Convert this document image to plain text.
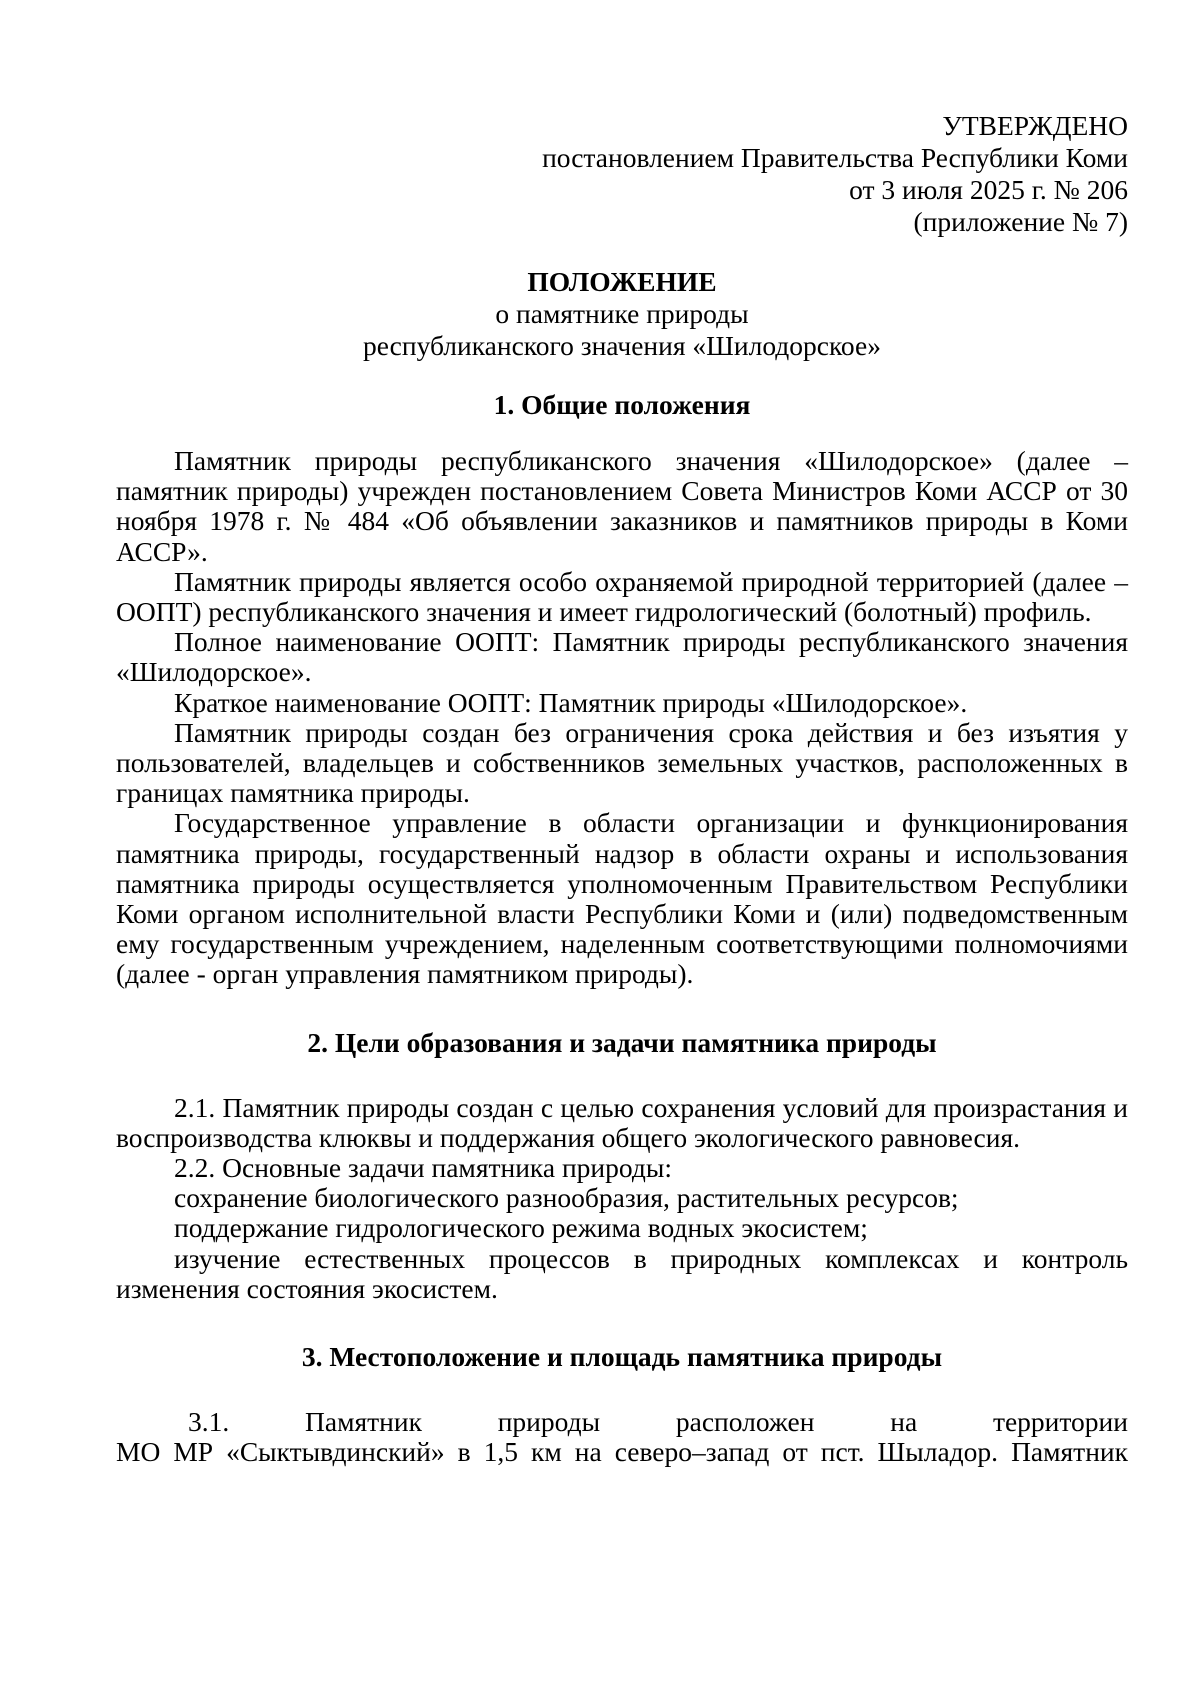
УТВЕРЖДЕНО
постановлением Правительства Республики Коми
от 3 июля 2025 г. № 206
(приложение № 7)
ПОЛОЖЕНИЕ
о памятнике природы
республиканского значения «Шилодорское»
1. Общие положения

Памятник природы республиканского значения «Шилодорское» (далее – памятник природы) учрежден постановлением Совета Министров Коми АССР от 30 ноября 1978 г. № 484 «Об объявлении заказников и памятников природы в Коми АССР».

Памятник природы является особо охраняемой природной территорией (далее – ООПТ) республиканского значения и имеет гидрологический (болотный) профиль.

Полное наименование ООПТ: Памятник природы республиканского значения «Шилодорское».

Краткое наименование ООПТ: Памятник природы «Шилодорское».

Памятник природы создан без ограничения срока действия и без изъятия у пользователей, владельцев и собственников земельных участков, расположенных в границах памятника природы.

Государственное управление в области организации и функционирования памятника природы, государственный надзор в области охраны и использования памятника природы осуществляется уполномоченным Правительством Республики Коми органом исполнительной власти Республики Коми и (или) подведомственным ему государственным учреждением, наделенным соответствующими полномочиями (далее - орган управления памятником природы).

2. Цели образования и задачи памятника природы

2.1. Памятник природы создан с целью сохранения условий для произрастания и воспроизводства клюквы и поддержания общего экологического равновесия.

2.2. Основные задачи памятника природы:

сохранение биологического разнообразия, растительных ресурсов;

поддержание гидрологического режима водных экосистем;

изучение естественных процессов в природных комплексах и контроль изменения состояния экосистем.

3. Местоположение и площадь памятника природы
3.1.	Памятник	природы	расположен	на	территории
МО МР «Сыктывдинский» в 1,5 км на северо–запад от пст. Шыладор. Памятник
